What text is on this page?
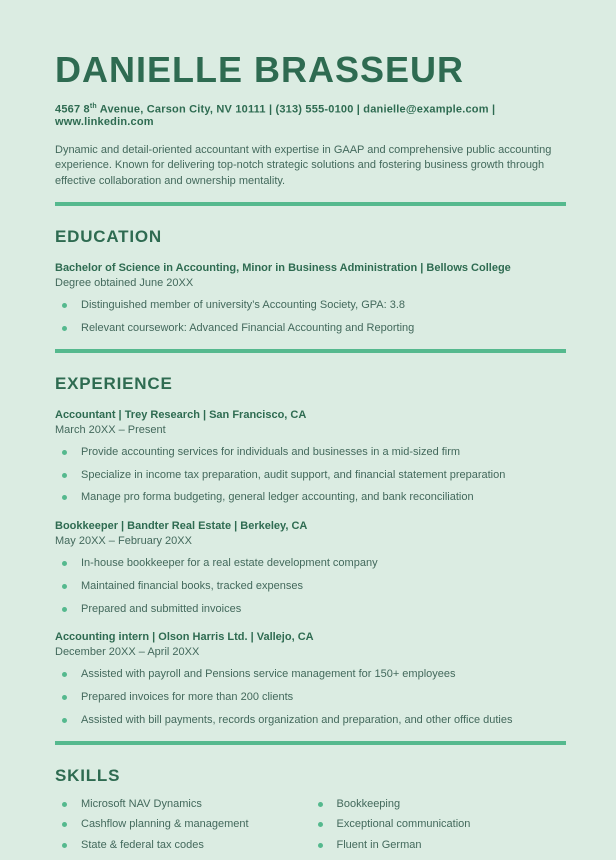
DANIELLE BRASSEUR
4567 8th Avenue, Carson City, NV 10111 | (313) 555-0100 | danielle@example.com | www.linkedin.com

Dynamic and detail-oriented accountant with expertise in GAAP and comprehensive public accounting experience. Known for delivering top-notch strategic solutions and fostering business growth through effective collaboration and ownership mentality.

EDUCATION
Bachelor of Science in Accounting, Minor in Business Administration | Bellows College
Degree obtained June 20XX
Distinguished member of university’s Accounting Society, GPA: 3.8
Relevant coursework: Advanced Financial Accounting and Reporting
EXPERIENCE
Accountant | Trey Research | San Francisco, CA
March 20XX – Present
Provide accounting services for individuals and businesses in a mid-sized firm
Specialize in income tax preparation, audit support, and financial statement preparation
Manage pro forma budgeting, general ledger accounting, and bank reconciliation
Bookkeeper | Bandter Real Estate | Berkeley, CA
May 20XX – February 20XX
In-house bookkeeper for a real estate development company
Maintained financial books, tracked expenses
Prepared and submitted invoices
Accounting intern | Olson Harris Ltd. | Vallejo, CA
December 20XX – April 20XX
Assisted with payroll and Pensions service management for 150+ employees
Prepared invoices for more than 200 clients
Assisted with bill payments, records organization and preparation, and other office duties
SKILLS
Microsoft NAV Dynamics
Cashflow planning & management
State & federal tax codes
Bookkeeping
Exceptional communication
Fluent in German
